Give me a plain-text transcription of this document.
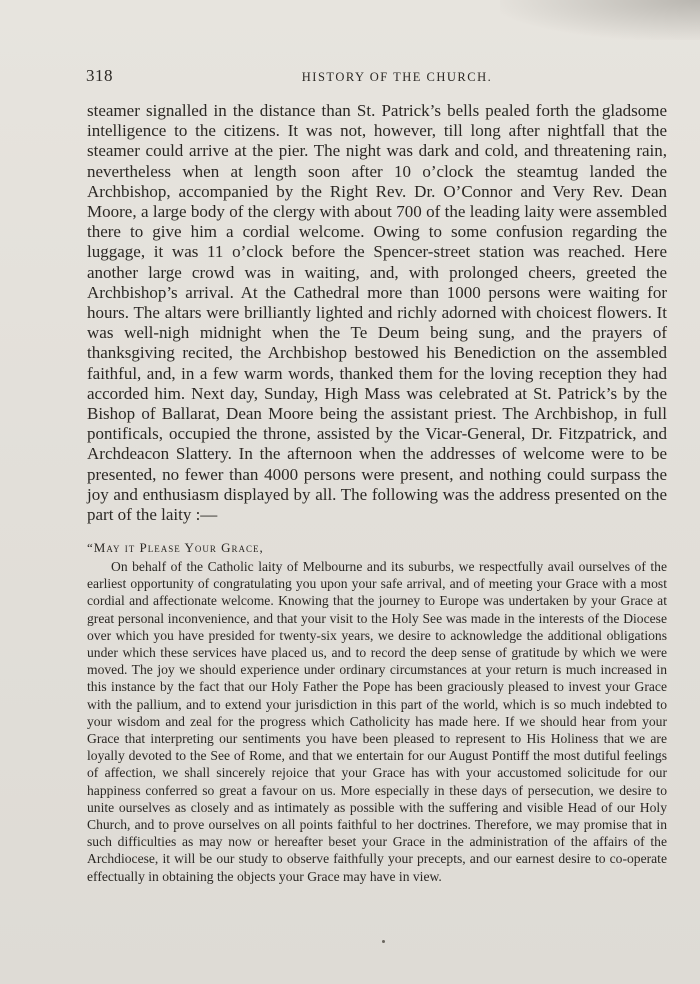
318	HISTORY OF THE CHURCH.

steamer signalled in the distance than St. Patrick’s bells pealed forth the gladsome intelligence to the citizens. It was not, however, till long after nightfall that the steamer could arrive at the pier. The night was dark and cold, and threatening rain, nevertheless when at length soon after 10 o’clock the steamtug landed the Archbishop, accompanied by the Right Rev. Dr. O’Connor and Very Rev. Dean Moore, a large body of the clergy with about 700 of the leading laity were assembled there to give him a cordial welcome. Owing to some confusion regarding the luggage, it was 11 o’clock before the Spencer-street station was reached. Here another large crowd was in waiting, and, with prolonged cheers, greeted the Archbishop’s arrival. At the Cathedral more than 1000 persons were waiting for hours. The altars were brilliantly lighted and richly adorned with choicest flowers. It was well-nigh midnight when the Te Deum being sung, and the prayers of thanksgiving recited, the Archbishop bestowed his Benediction on the assembled faithful, and, in a few warm words, thanked them for the loving reception they had accorded him. Next day, Sunday, High Mass was celebrated at St. Patrick’s by the Bishop of Ballarat, Dean Moore being the assistant priest. The Archbishop, in full pontificals, occupied the throne, assisted by the Vicar-General, Dr. Fitzpatrick, and Archdeacon Slattery. In the afternoon when the addresses of welcome were to be presented, no fewer than 4000 persons were present, and nothing could surpass the joy and enthusiasm displayed by all. The following was the address presented on the part of the laity :—

“May it Please Your Grace,

On behalf of the Catholic laity of Melbourne and its suburbs, we respectfully avail ourselves of the earliest opportunity of congratulating you upon your safe arrival, and of meeting your Grace with a most cordial and affectionate welcome. Knowing that the journey to Europe was undertaken by your Grace at great personal inconvenience, and that your visit to the Holy See was made in the interests of the Diocese over which you have presided for twenty-six years, we desire to acknowledge the additional obligations under which these services have placed us, and to record the deep sense of gratitude by which we were moved. The joy we should experience under ordinary circumstances at your return is much increased in this instance by the fact that our Holy Father the Pope has been graciously pleased to invest your Grace with the pallium, and to extend your jurisdiction in this part of the world, which is so much indebted to your wisdom and zeal for the progress which Catholicity has made here. If we should hear from your Grace that interpreting our sentiments you have been pleased to represent to His Holiness that we are loyally devoted to the See of Rome, and that we entertain for our August Pontiff the most dutiful feelings of affection, we shall sincerely rejoice that your Grace has with your accustomed solicitude for our happiness conferred so great a favour on us. More especially in these days of persecution, we desire to unite ourselves as closely and as intimately as possible with the suffering and visible Head of our Holy Church, and to prove ourselves on all points faithful to her doctrines. Therefore, we may promise that in such difficulties as may now or hereafter beset your Grace in the administration of the affairs of the Archdiocese, it will be our study to observe faithfully your precepts, and our earnest desire to co-operate effectually in obtaining the objects your Grace may have in view.
